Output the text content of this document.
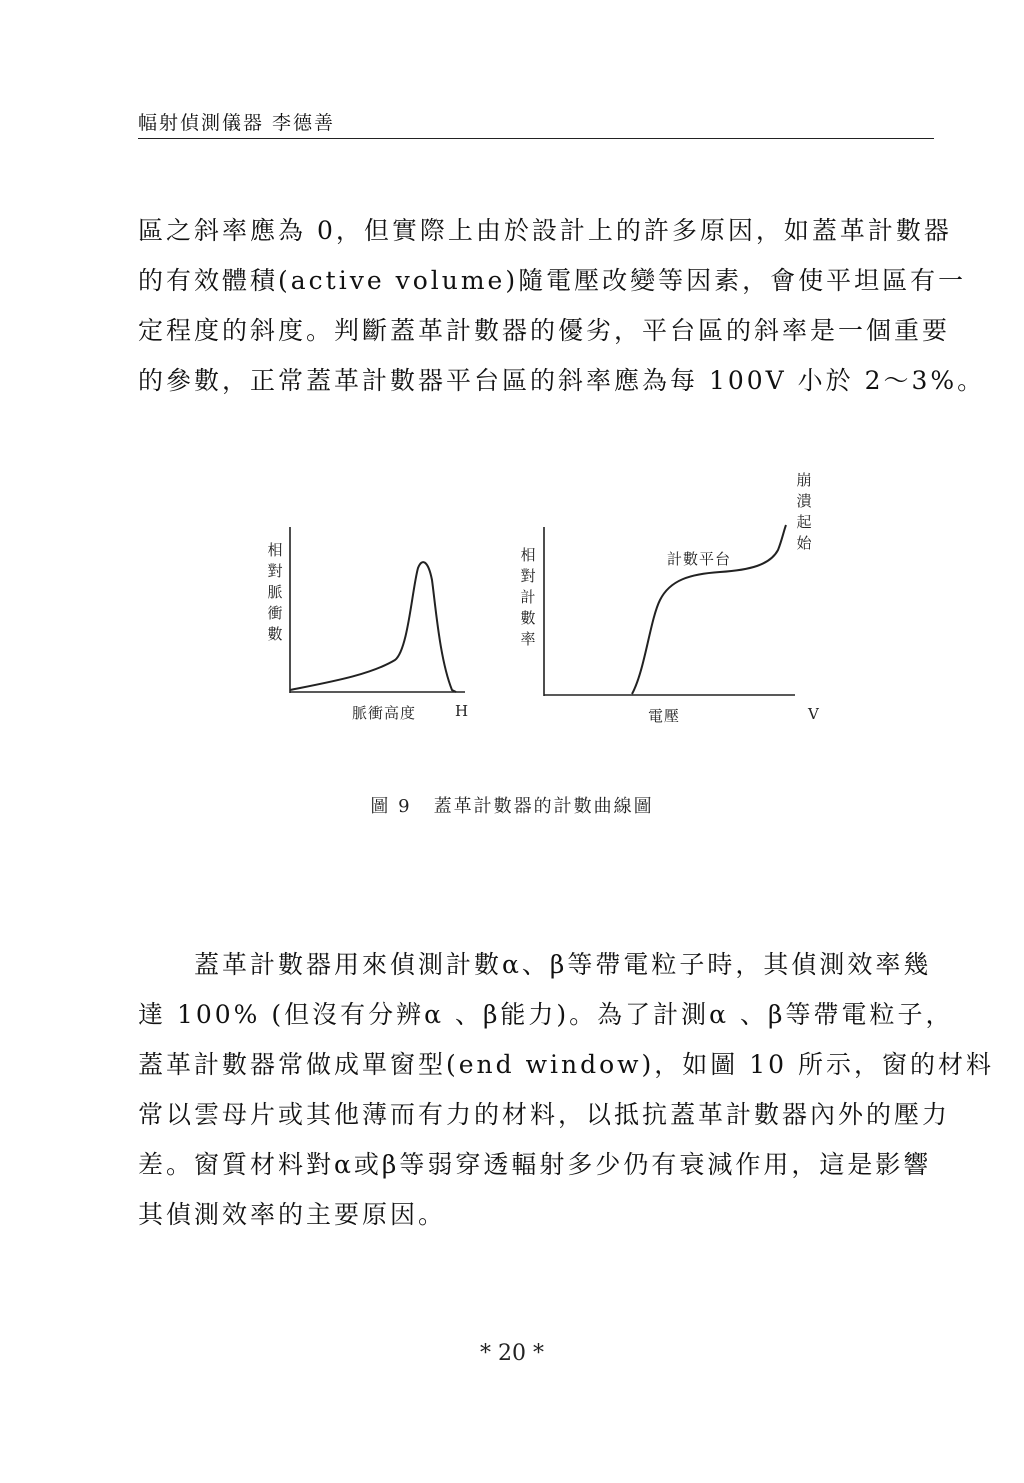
幅射偵測儀器 李德善

區之斜率應為 0，但實際上由於設計上的許多原因，如蓋革計數器
的有效體積(active volume)隨電壓改變等因素，會使平坦區有一
定程度的斜度。判斷蓋革計數器的優劣，平台區的斜率是一個重要
的參數，正常蓋革計數器平台區的斜率應為每 100V 小於 2～3%。

相
對
脈
衝
數
脈衝高度	H
相
對
計
數
率
電壓	V
計數平台
崩
潰
起
始
圖 9 蓋革計數器的計數曲線圖

　　蓋革計數器用來偵測計數α、β等帶電粒子時，其偵測效率幾
達 100% (但沒有分辨α 、β能力)。為了計測α 、β等帶電粒子，
蓋革計數器常做成單窗型(end window)，如圖 10 所示，窗的材料
常以雲母片或其他薄而有力的材料，以抵抗蓋革計數器內外的壓力
差。窗質材料對α或β等弱穿透輻射多少仍有衰減作用，這是影響
其偵測效率的主要原因。

* 20 *
